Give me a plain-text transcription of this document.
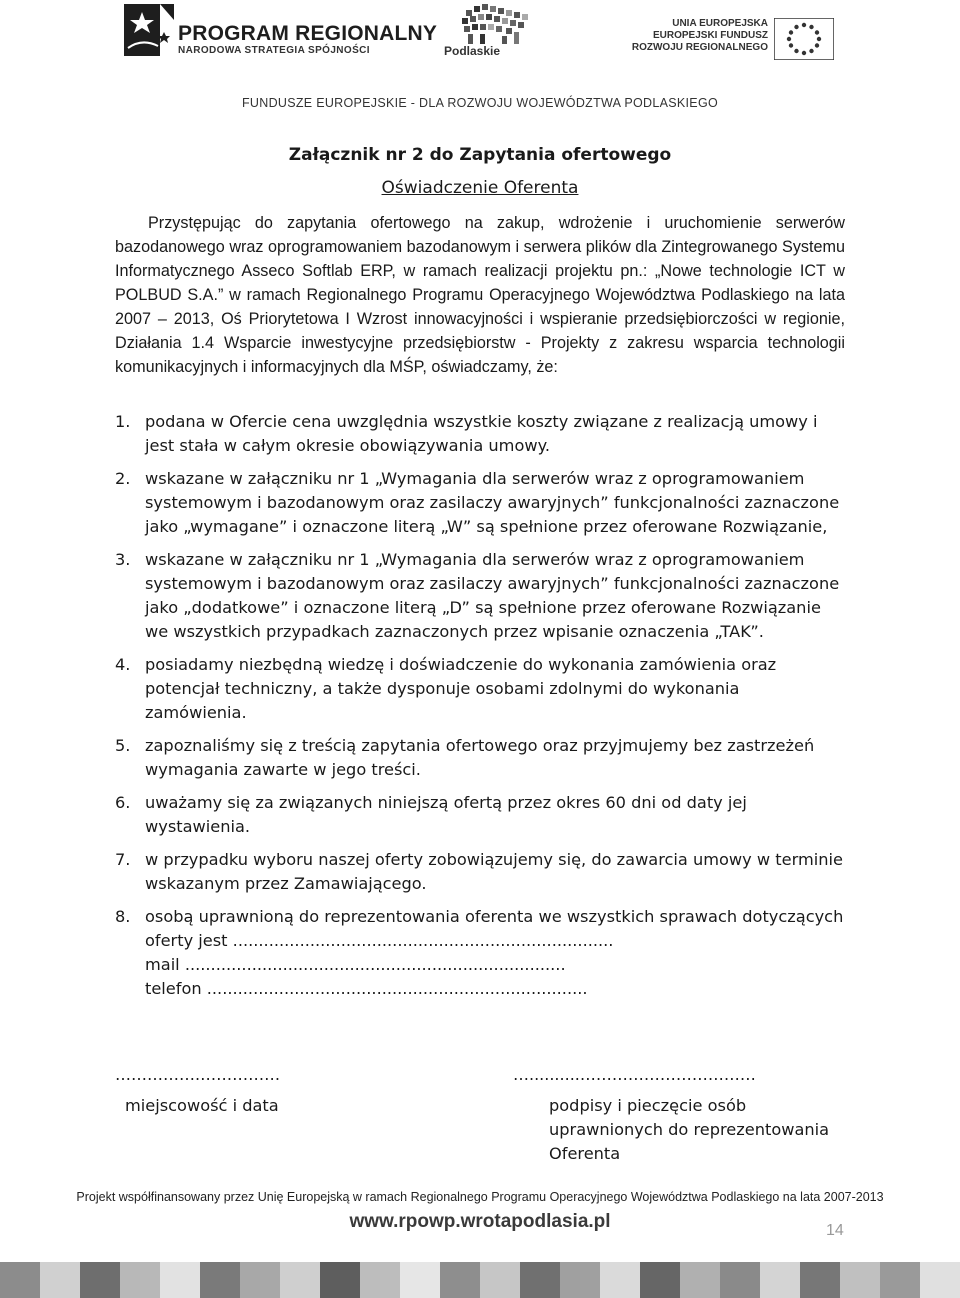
PROGRAM REGIONALNY
NARODOWA STRATEGIA SPÓJNOŚCI	Podlaskie
UNIA EUROPEJSKA
EUROPEJSKI FUNDUSZ
ROZWOJU REGIONALNEGO
FUNDUSZE EUROPEJSKIE - DLA ROZWOJU WOJEWÓDZTWA PODLASKIEGO
Załącznik nr 2 do Zapytania ofertowego
Oświadczenie Oferenta
Przystępując do zapytania ofertowego na zakup, wdrożenie i uruchomienie serwerów bazodanowego wraz oprogramowaniem bazodanowym i serwera plików dla Zintegrowanego Systemu Informatycznego Asseco Softlab ERP, w ramach realizacji projektu pn.: „Nowe technologie ICT w POLBUD S.A.” w ramach Regionalnego Programu Operacyjnego Województwa Podlaskiego na lata 2007 – 2013, Oś Priorytetowa I Wzrost innowacyjności i wspieranie przedsiębiorczości w regionie, Działania 1.4 Wsparcie inwestycyjne przedsiębiorstw - Projekty z zakresu wsparcia technologii komunikacyjnych i informacyjnych dla MŚP, oświadczamy, że:
1. podana w Ofercie cena uwzględnia wszystkie koszty związane z realizacją umowy i jest stała w całym okresie obowiązywania umowy.
2. wskazane w załączniku nr 1 „Wymagania dla serwerów wraz z oprogramowaniem systemowym i bazodanowym oraz zasilaczy awaryjnych” funkcjonalności zaznaczone jako „wymagane” i oznaczone literą „W” są spełnione przez oferowane Rozwiązanie,
3. wskazane w załączniku nr 1 „Wymagania dla serwerów wraz z oprogramowaniem systemowym i bazodanowym oraz zasilaczy awaryjnych” funkcjonalności zaznaczone jako „dodatkowe” i oznaczone literą „D” są spełnione przez oferowane Rozwiązanie we wszystkich przypadkach zaznaczonych przez wpisanie oznaczenia „TAK”.
4. posiadamy niezbędną wiedzę i doświadczenie do wykonania zamówienia oraz potencjał techniczny, a także dysponuje osobami zdolnymi do wykonania zamówienia.
5. zapoznaliśmy się z treścią zapytania ofertowego oraz przyjmujemy bez zastrzeżeń wymagania zawarte w jego treści.
6. uważamy się za związanych niniejszą ofertą przez okres 60 dni od daty jej wystawienia.
7. w przypadku wyboru naszej oferty zobowiązujemy się, do zawarcia umowy w terminie wskazanym przez Zamawiającego.
8. osobą uprawnioną do reprezentowania oferenta we wszystkich sprawach dotyczących
oferty jest ..........................................................................
mail ..........................................................................
telefon ..........................................................................
…………….……………
miejscowość i data
…..........……………………………
podpisy i pieczęcie osób
uprawnionych do reprezentowania
Oferenta
Projekt współfinansowany przez Unię Europejską w ramach Regionalnego Programu Operacyjnego Województwa Podlaskiego na lata 2007-2013
www.rpowp.wrotapodlasia.pl	14
